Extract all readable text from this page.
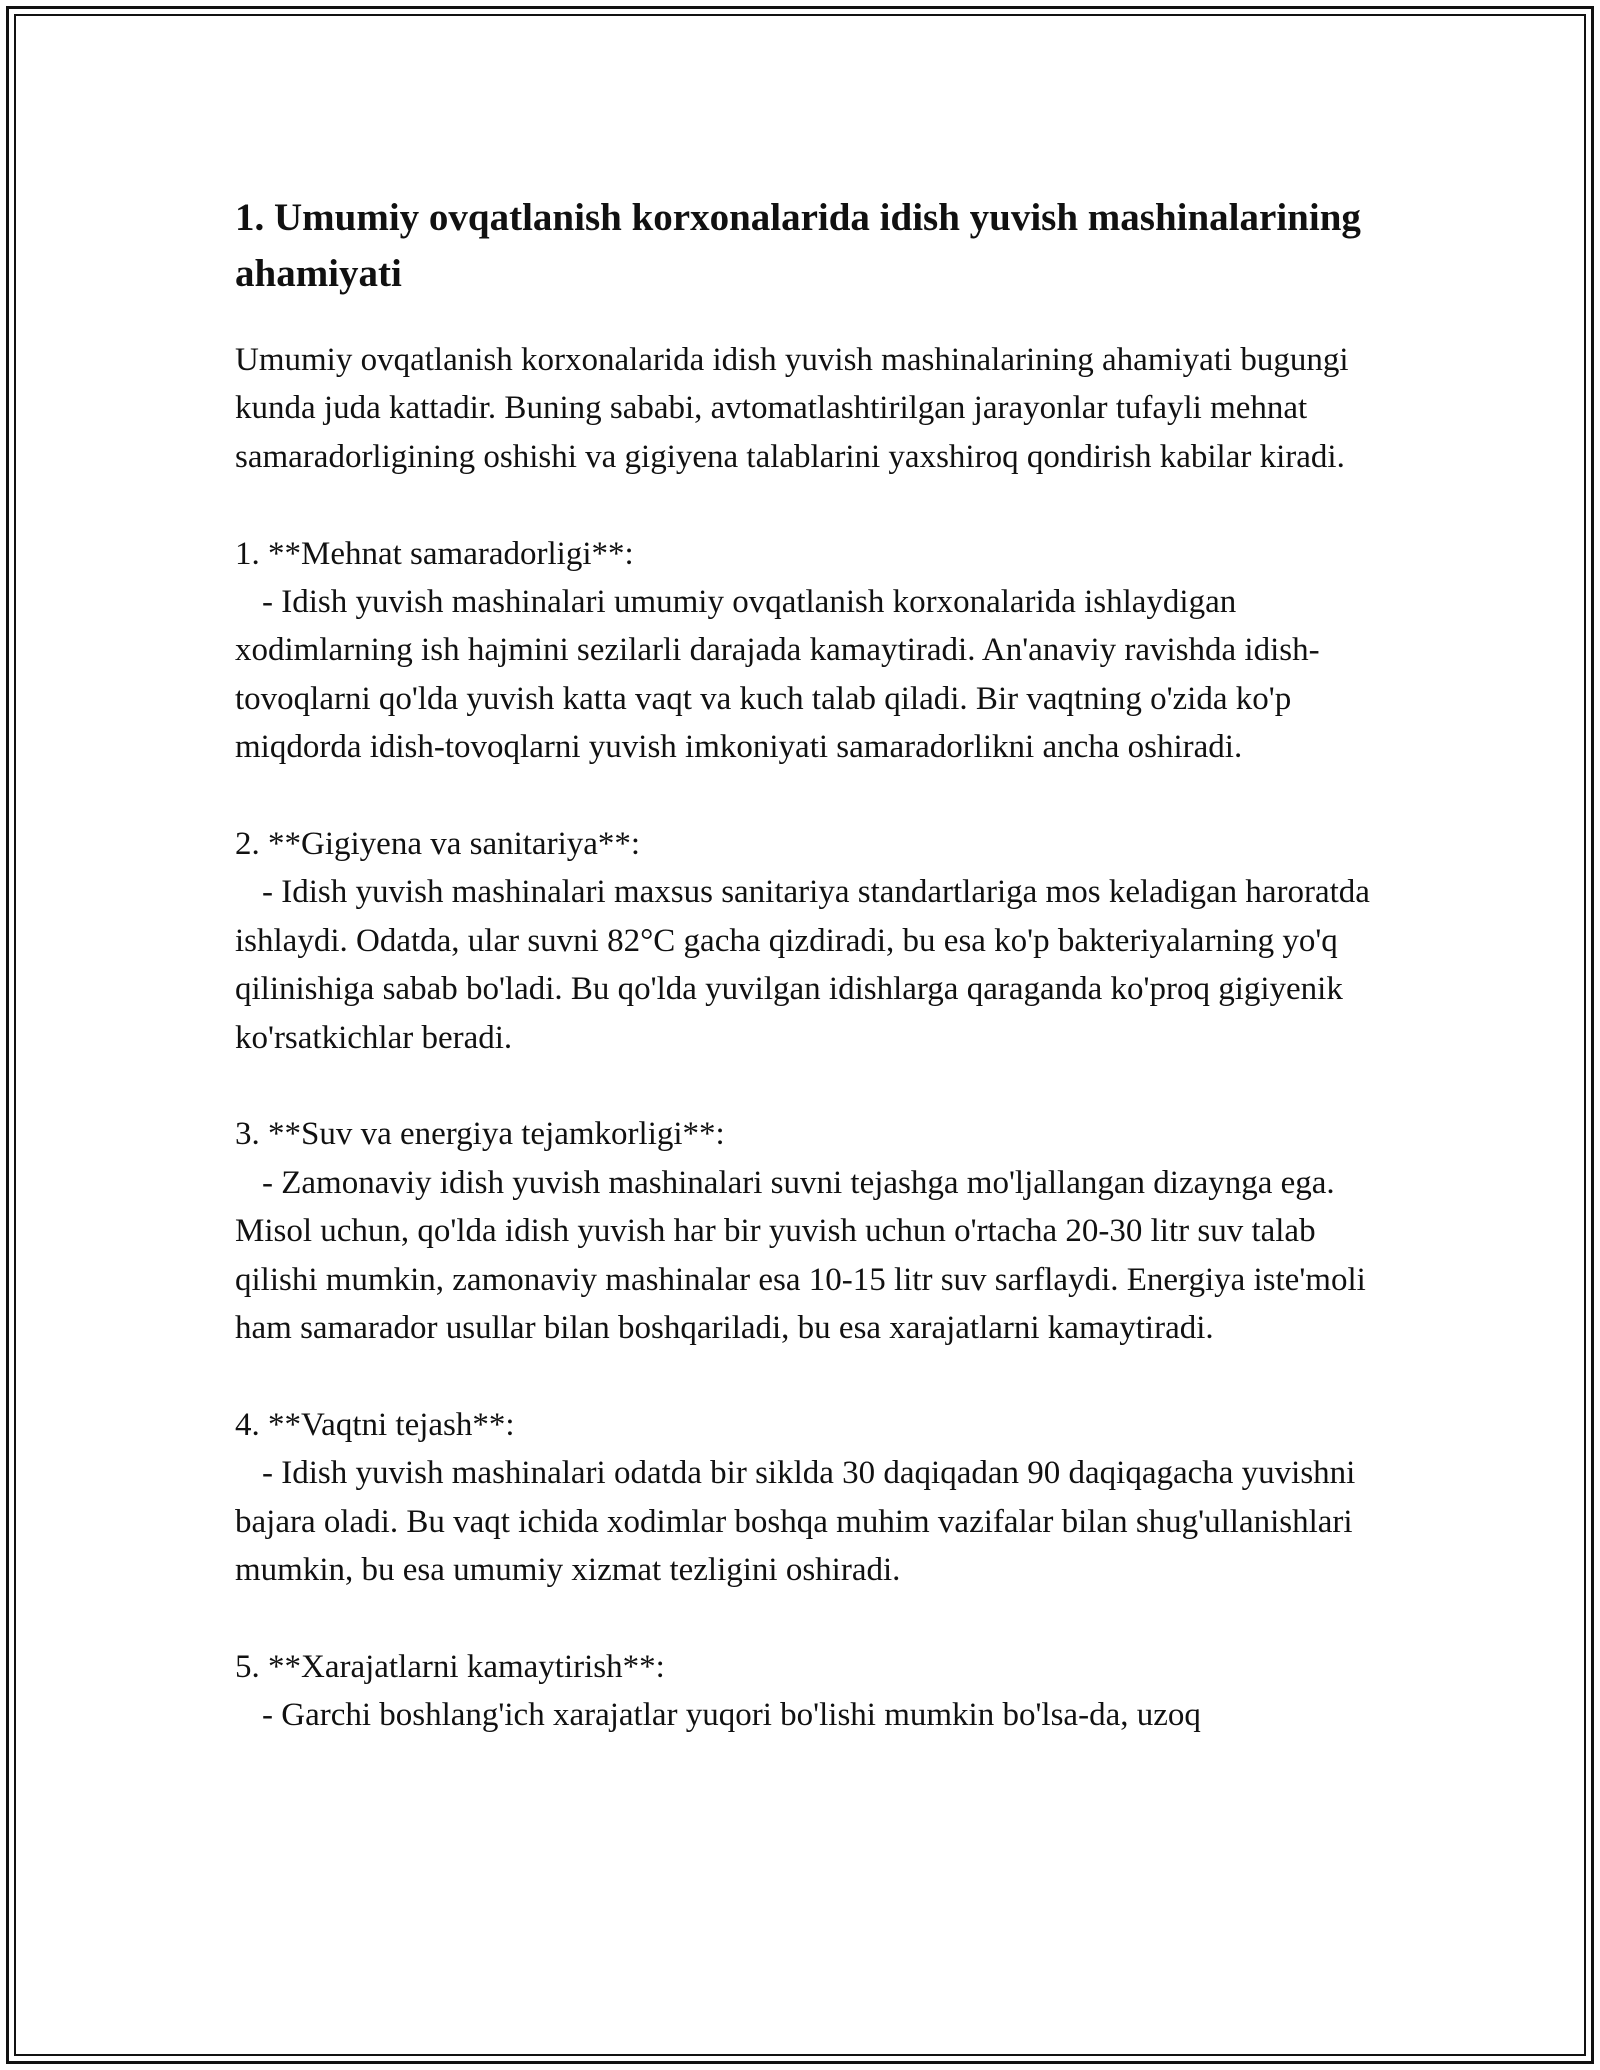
1. Umumiy ovqatlanish korxonalarida idish yuvish mashinalarining ahamiyati

Umumiy ovqatlanish korxonalarida idish yuvish mashinalarining ahamiyati bugungi kunda juda kattadir. Buning sababi, avtomatlashtirilgan jarayonlar tufayli mehnat samaradorligining oshishi va gigiyena talablarini yaxshiroq qondirish kabilar kiradi.

1. **Mehnat samaradorligi**:
- Idish yuvish mashinalari umumiy ovqatlanish korxonalarida ishlaydigan xodimlarning ish hajmini sezilarli darajada kamaytiradi. An'anaviy ravishda idish-tovoqlarni qo'lda yuvish katta vaqt va kuch talab qiladi. Bir vaqtning o'zida ko'p miqdorda idish-tovoqlarni yuvish imkoniyati samaradorlikni ancha oshiradi.
2. **Gigiyena va sanitariya**:
- Idish yuvish mashinalari maxsus sanitariya standartlariga mos keladigan haroratda ishlaydi. Odatda, ular suvni 82°C gacha qizdiradi, bu esa ko'p bakteriyalarning yo'q qilinishiga sabab bo'ladi. Bu qo'lda yuvilgan idishlarga qaraganda ko'proq gigiyenik ko'rsatkichlar beradi.
3. **Suv va energiya tejamkorligi**:
- Zamonaviy idish yuvish mashinalari suvni tejashga mo'ljallangan dizaynga ega. Misol uchun, qo'lda idish yuvish har bir yuvish uchun o'rtacha 20-30 litr suv talab qilishi mumkin, zamonaviy mashinalar esa 10-15 litr suv sarflaydi. Energiya iste'moli ham samarador usullar bilan boshqariladi, bu esa xarajatlarni kamaytiradi.
4. **Vaqtni tejash**:
- Idish yuvish mashinalari odatda bir siklda 30 daqiqadan 90 daqiqagacha yuvishni bajara oladi. Bu vaqt ichida xodimlar boshqa muhim vazifalar bilan shug'ullanishlari mumkin, bu esa umumiy xizmat tezligini oshiradi.
5. **Xarajatlarni kamaytirish**:
- Garchi boshlang'ich xarajatlar yuqori bo'lishi mumkin bo'lsa-da, uzoq
